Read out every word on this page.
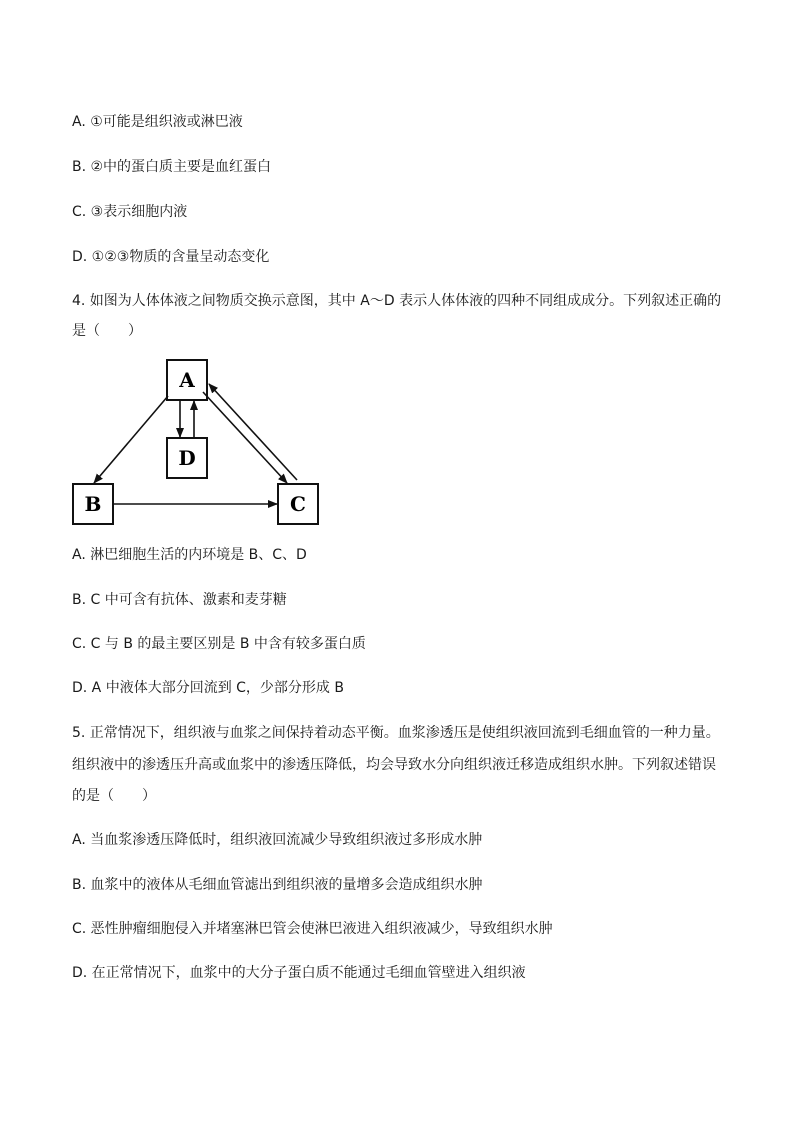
A. ①可能是组织液或淋巴液
B. ②中的蛋白质主要是血红蛋白
C. ③表示细胞内液
D. ①②③物质的含量呈动态变化
4. 如图为人体体液之间物质交换示意图，其中 A～D 表示人体体液的四种不同组成成分。下列叙述正确的
是（　　）
A
B	C
D
A. 淋巴细胞生活的内环境是 B、C、D
B. C 中可含有抗体、激素和麦芽糖
C. C 与 B 的最主要区别是 B 中含有较多蛋白质
D. A 中液体大部分回流到 C，少部分形成 B
5. 正常情况下，组织液与血浆之间保持着动态平衡。血浆渗透压是使组织液回流到毛细血管的一种力量。
组织液中的渗透压升高或血浆中的渗透压降低，均会导致水分向组织液迁移造成组织水肿。下列叙述错误
的是（　　）
A. 当血浆渗透压降低时，组织液回流减少导致组织液过多形成水肿
B. 血浆中的液体从毛细血管滤出到组织液的量增多会造成组织水肿
C. 恶性肿瘤细胞侵入并堵塞淋巴管会使淋巴液进入组织液减少，导致组织水肿
D. 在正常情况下，血浆中的大分子蛋白质不能通过毛细血管壁进入组织液
